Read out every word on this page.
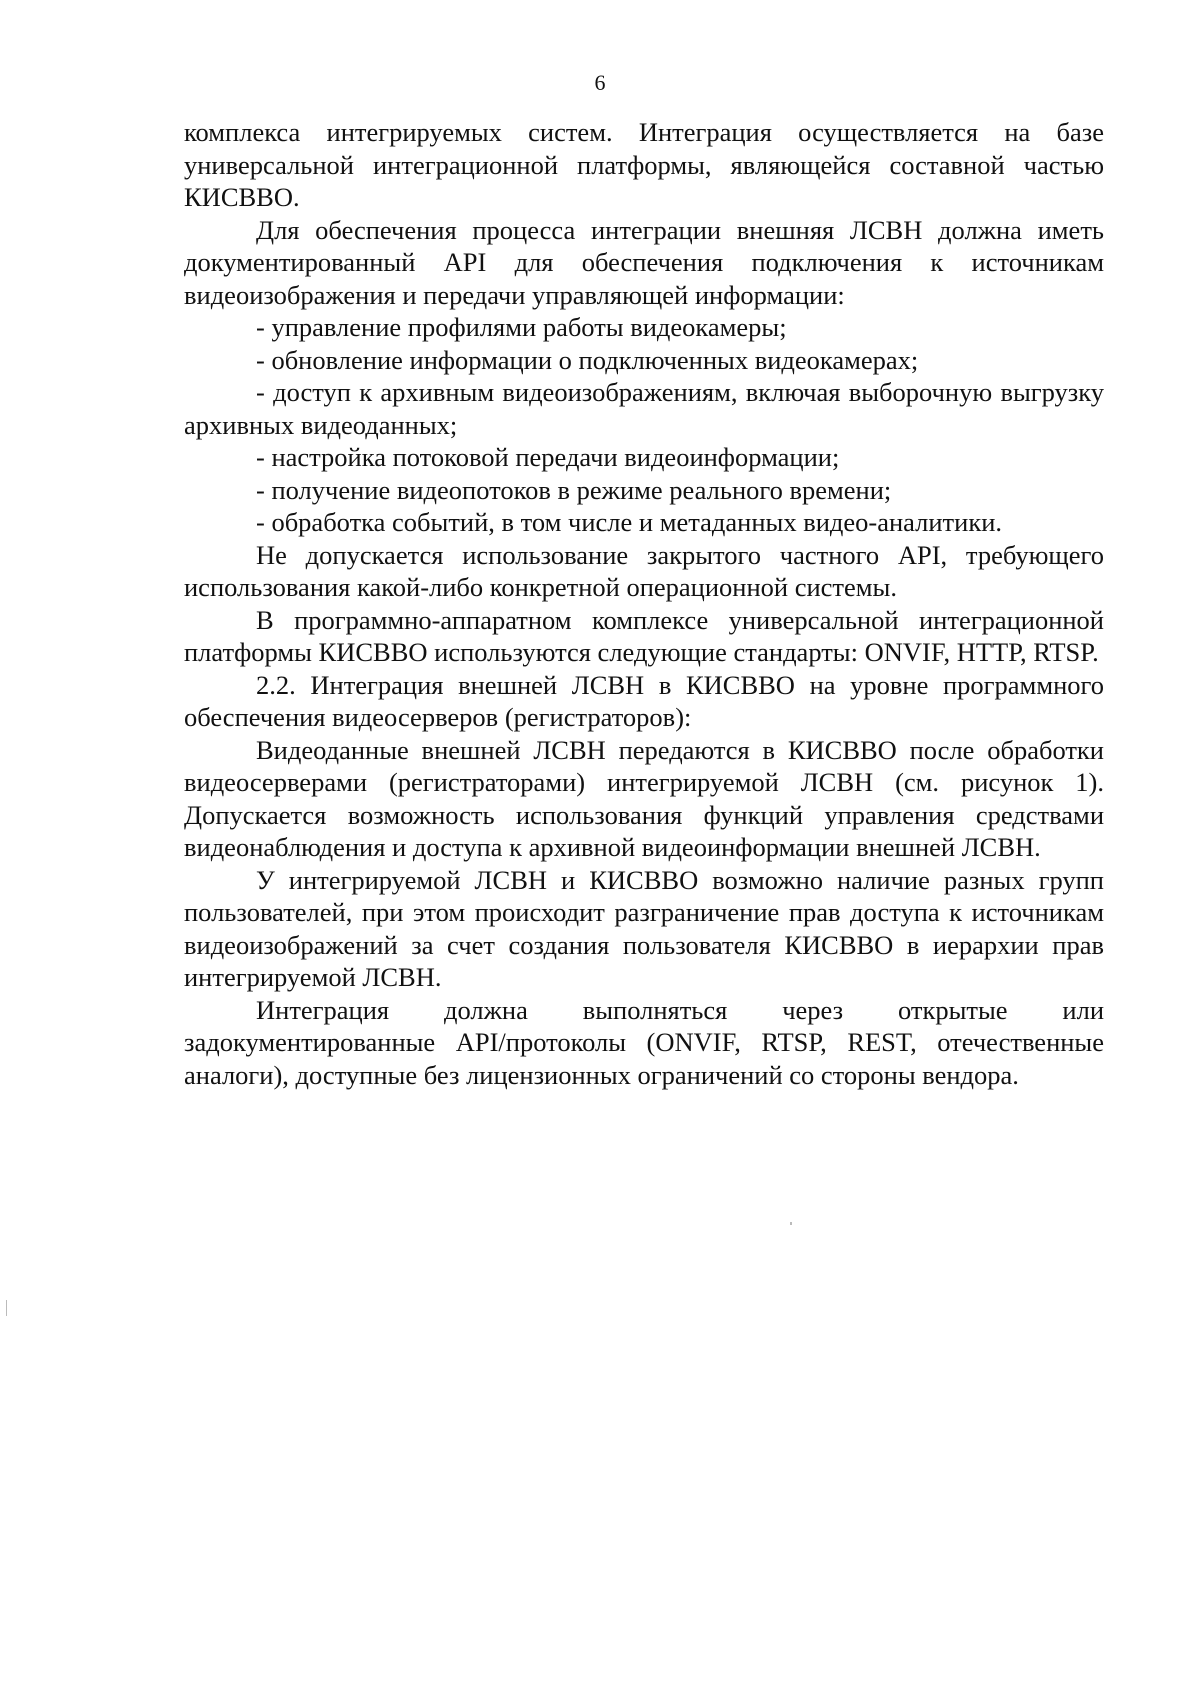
6

комплекса интегрируемых систем. Интеграция осуществляется на базе универсальной интеграционной платформы, являющейся составной частью КИСВВО.

Для обеспечения процесса интеграции внешняя ЛСВН должна иметь документированный API для обеспечения подключения к источникам видеоизображения и передачи управляющей информации:

- управление профилями работы видеокамеры;

- обновление информации о подключенных видеокамерах;

- доступ к архивным видеоизображениям, включая выборочную выгрузку архивных видеоданных;

- настройка потоковой передачи видеоинформации;

- получение видеопотоков в режиме реального времени;

- обработка событий, в том числе и метаданных видео-аналитики.

Не допускается использование закрытого частного API, требующего использования какой-либо конкретной операционной системы.

В программно-аппаратном комплексе универсальной интеграционной платформы КИСВВО используются следующие стандарты: ONVIF, HTTP, RTSP.

2.2. Интеграция внешней ЛСВН в КИСВВО на уровне программного обеспечения видеосерверов (регистраторов):

Видеоданные внешней ЛСВН передаются в КИСВВО после обработки видеосерверами (регистраторами) интегрируемой ЛСВН (см. рисунок 1). Допускается возможность использования функций управления средствами видеонаблюдения и доступа к архивной видеоинформации внешней ЛСВН.

У интегрируемой ЛСВН и КИСВВО возможно наличие разных групп пользователей, при этом происходит разграничение прав доступа к источникам видеоизображений за счет создания пользователя КИСВВО в иерархии прав интегрируемой ЛСВН.

Интеграция должна выполняться через открытые или задокументированные API/протоколы (ONVIF, RTSP, REST, отечественные аналоги), доступные без лицензионных ограничений со стороны вендора.
